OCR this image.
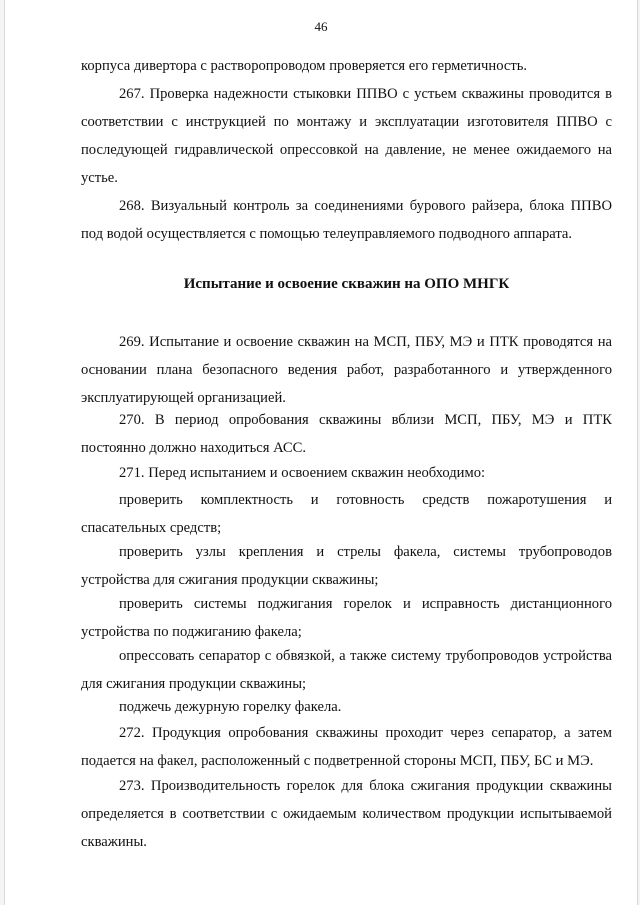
46

корпуса дивертора с растворопроводом проверяется его герметичность.

267. Проверка надежности стыковки ППВО с устьем скважины проводится в соответствии с инструкцией по монтажу и эксплуатации изготовителя ППВО с последующей гидравлической опрессовкой на давление, не менее ожидаемого на устье.

268. Визуальный контроль за соединениями бурового райзера, блока ППВО под водой осуществляется с помощью телеуправляемого подводного аппарата.

Испытание и освоение скважин на ОПО МНГК

269. Испытание и освоение скважин на МСП, ПБУ, МЭ и ПТК проводятся на основании плана безопасного ведения работ, разработанного и утвержденного эксплуатирующей организацией.

270. В период опробования скважины вблизи МСП, ПБУ, МЭ и ПТК постоянно должно находиться АСС.

271. Перед испытанием и освоением скважин необходимо:

проверить комплектность и готовность средств пожаротушения и спасательных средств;

проверить узлы крепления и стрелы факела, системы трубопроводов устройства для сжигания продукции скважины;

проверить системы поджигания горелок и исправность дистанционного устройства по поджиганию факела;

опрессовать сепаратор с обвязкой, а также систему трубопроводов устройства для сжигания продукции скважины;

поджечь дежурную горелку факела.

272. Продукция опробования скважины проходит через сепаратор, а затем подается на факел, расположенный с подветренной стороны МСП, ПБУ, БС и МЭ.

273. Производительность горелок для блока сжигания продукции скважины определяется в соответствии с ожидаемым количеством продукции испытываемой скважины.
